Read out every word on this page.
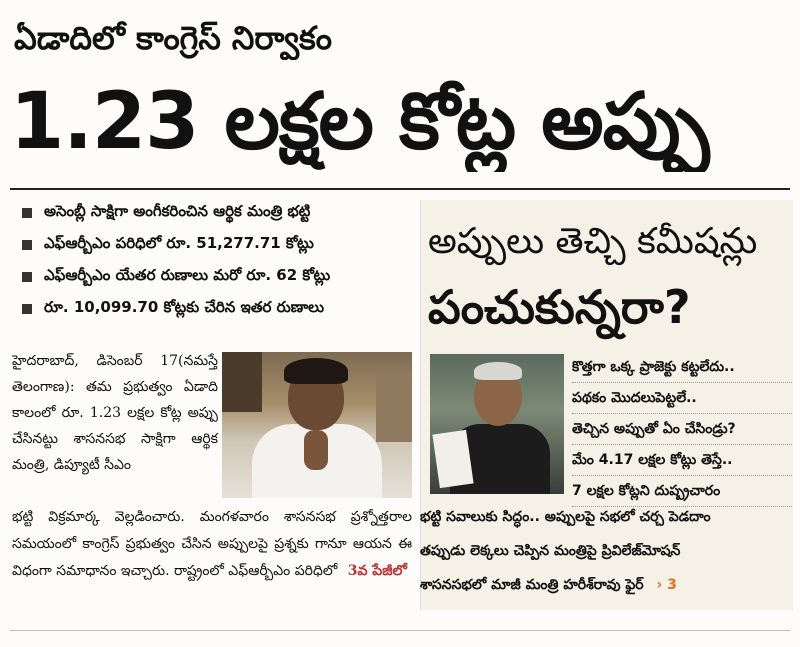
ఏడాదిలో కాంగ్రెస్ నిర్వాకం
1.23 లక్షల కోట్ల అప్పు
అసెంబ్లీ సాక్షిగా అంగీకరించిన ఆర్థిక మంత్రి భట్టి
ఎఫ్ఆర్బీఎం పరిధిలో రూ. 51,277.71 కోట్లు
ఎఫ్ఆర్బీఎం యేతర రుణాలు మరో రూ. 62 కోట్లు
రూ. 10,099.70 కోట్లకు చేరిన ఇతర రుణాలు
హైదరాబాద్, డిసెంబర్ 17(నమస్తే తెలంగాణ): తమ ప్రభుత్వం ఏడాది కాలంలో రూ. 1.23 లక్షల కోట్ల అప్పు చేసినట్టు శాసనసభ సాక్షిగా ఆర్థిక మంత్రి, డిప్యూటీ సీఎం
భట్టి విక్రమార్క వెల్లడించారు. మంగళవారం శాసనసభ ప్రశ్నోత్తరాల సమయంలో కాంగ్రెస్ ప్రభుత్వం చేసిన అప్పులపై ప్రశ్నకు గానూ ఆయన ఈ విధంగా సమాధానం ఇచ్చారు. రాష్ట్రంలో ఎఫ్ఆర్బీఎం పరిధిలో 3వ పేజీలో
అప్పులు తెచ్చి కమీషన్లు
పంచుకున్నరా?
కొత్తగా ఒక్క ప్రాజెక్టు కట్టలేదు..
పథకం మొదలుపెట్టలే..
తెచ్చిన అప్పుతో ఏం చేసిండ్రు?
మేం 4.17 లక్షల కోట్లు తెస్తే..
7 లక్షల కోట్లని దుష్ప్రచారం
భట్టి సవాలుకు సిద్ధం.. అప్పులపై సభలో చర్చ పెడదాం
తప్పుడు లెక్కలు చెప్పిన మంత్రిపై ప్రివిలేజ్‌మోషన్
శాసనసభలో మాజీ మంత్రి హరీశ్‌రావు ఫైర్ › 3
